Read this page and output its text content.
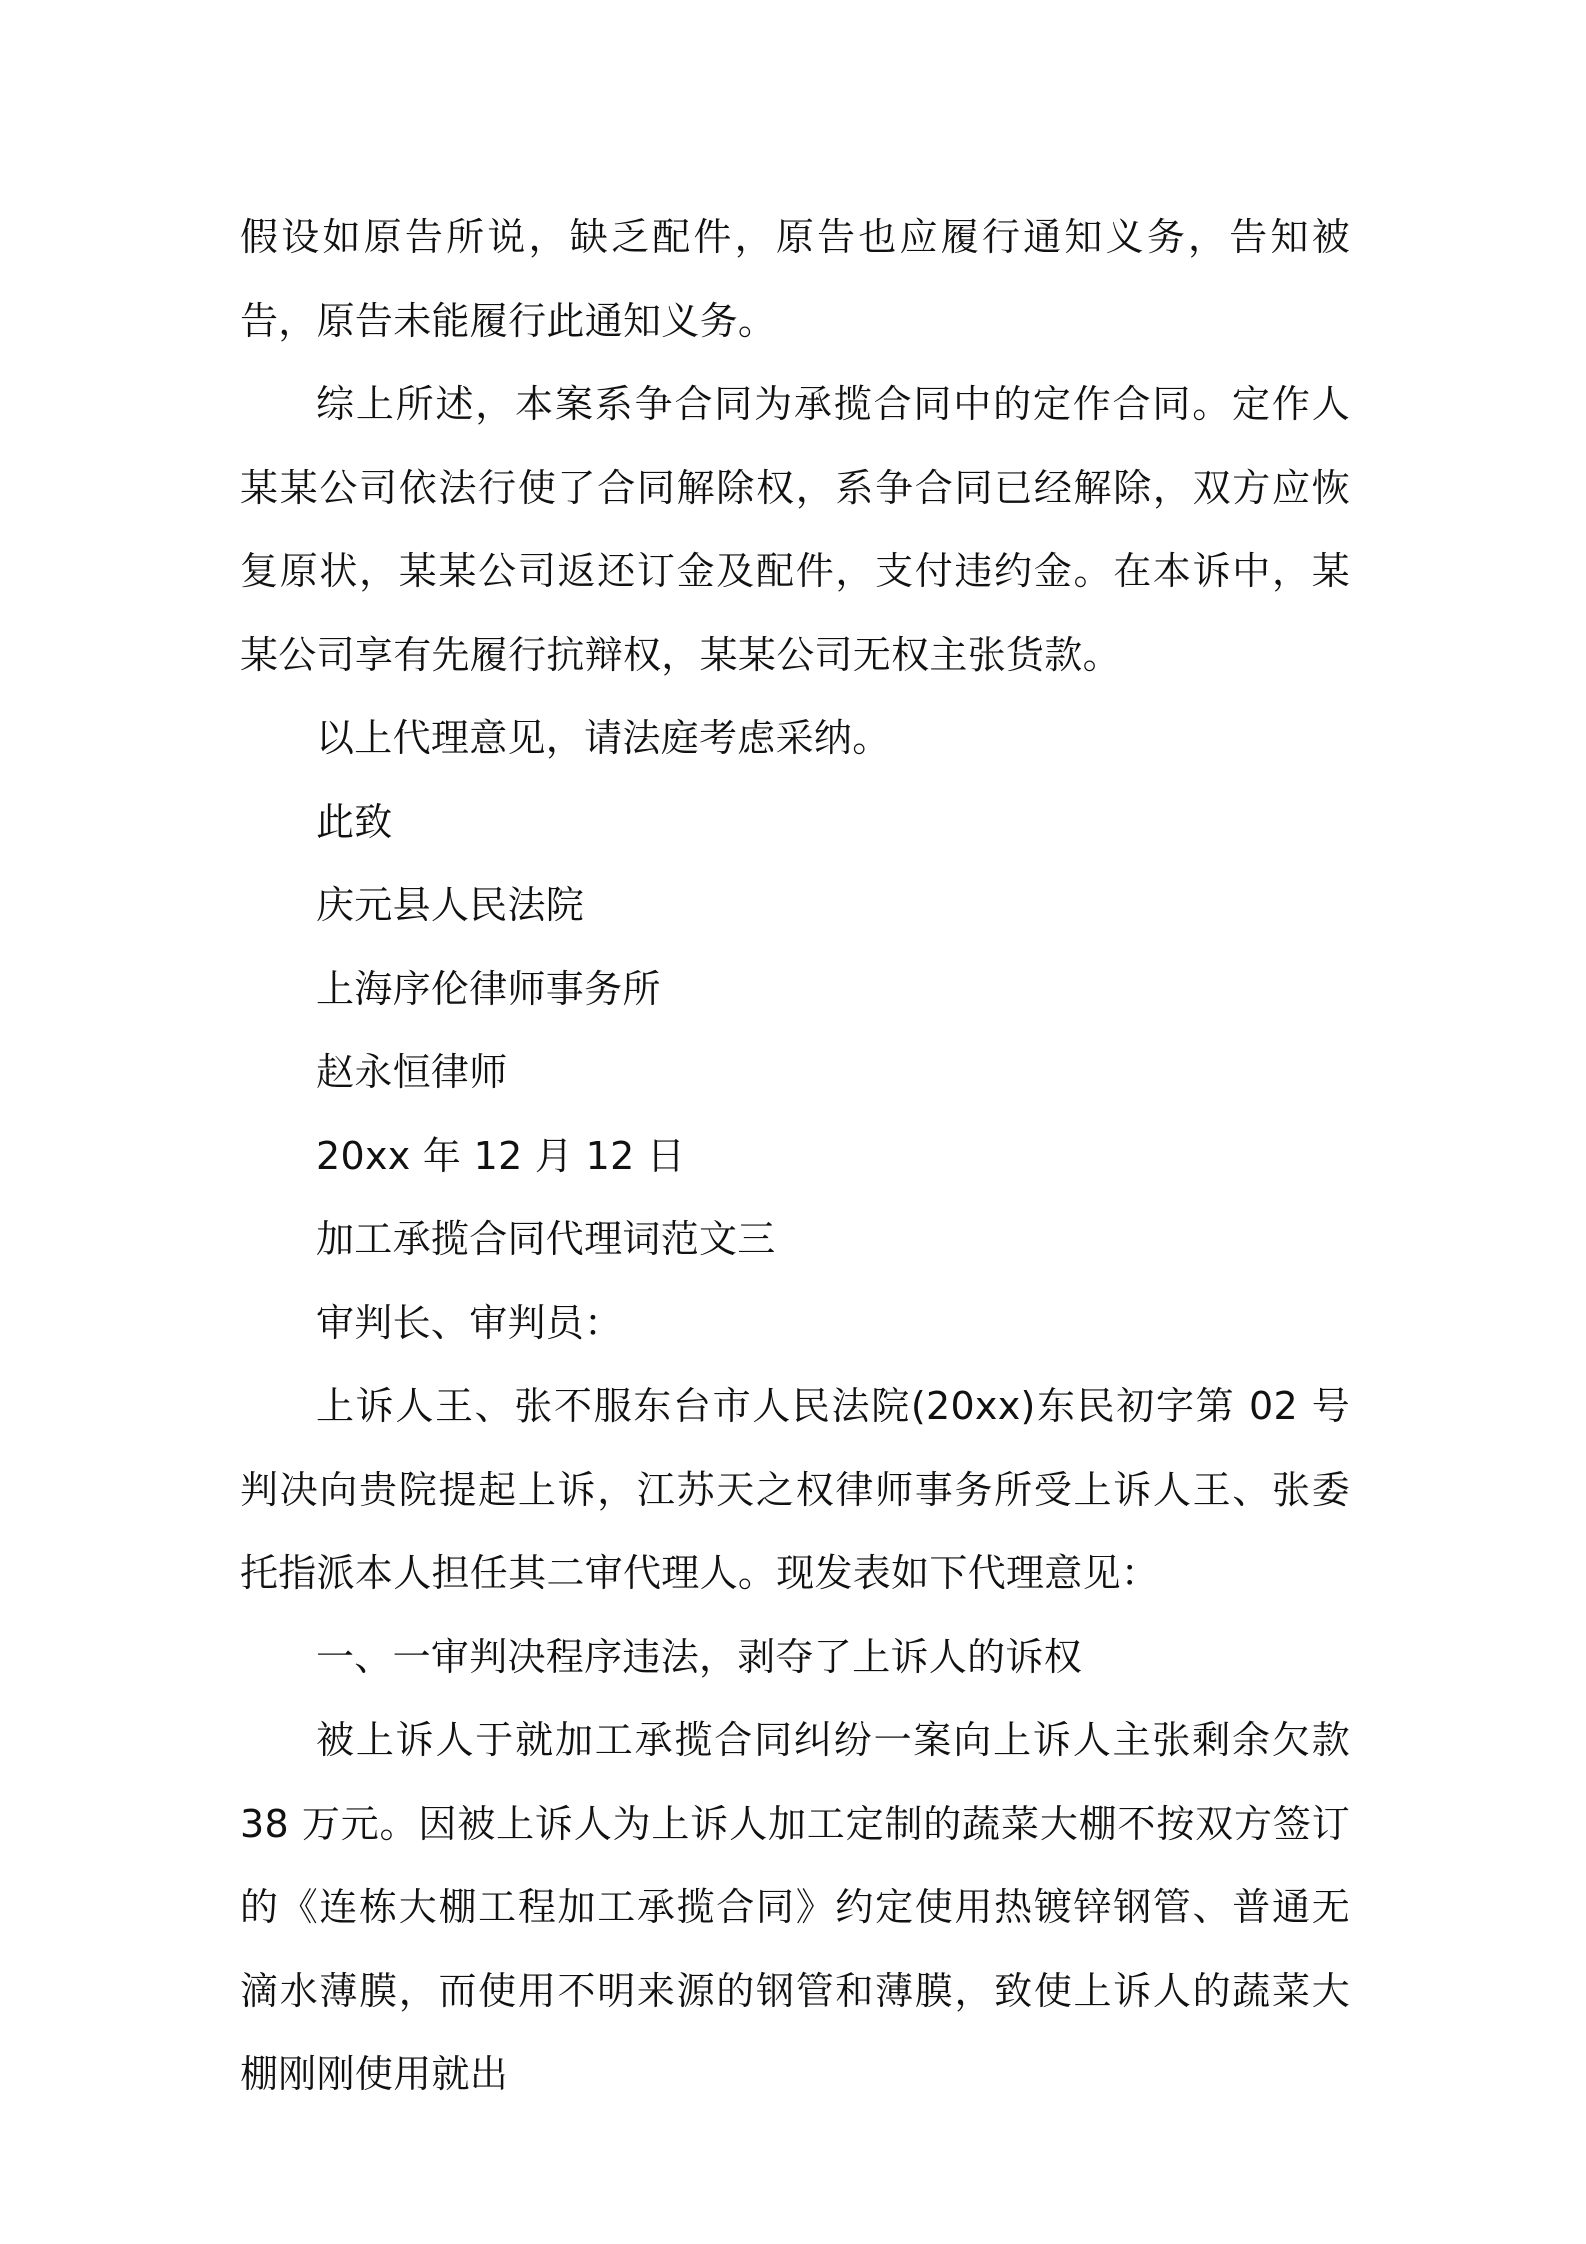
假设如原告所说，缺乏配件，原告也应履行通知义务，告知被告，原告未能履行此通知义务。

综上所述，本案系争合同为承揽合同中的定作合同。定作人某某公司依法行使了合同解除权，系争合同已经解除，双方应恢复原状，某某公司返还订金及配件，支付违约金。在本诉中，某某公司享有先履行抗辩权，某某公司无权主张货款。

以上代理意见，请法庭考虑采纳。

此致

庆元县人民法院

上海序伦律师事务所

赵永恒律师

20xx 年 12 月 12 日

加工承揽合同代理词范文三

审判长、审判员：

上诉人王、张不服东台市人民法院(20xx)东民初字第 02 号判决向贵院提起上诉，江苏天之权律师事务所受上诉人王、张委托指派本人担任其二审代理人。现发表如下代理意见：

一、一审判决程序违法，剥夺了上诉人的诉权

被上诉人于就加工承揽合同纠纷一案向上诉人主张剩余欠款 38 万元。因被上诉人为上诉人加工定制的蔬菜大棚不按双方签订的《连栋大棚工程加工承揽合同》约定使用热镀锌钢管、普通无滴水薄膜，而使用不明来源的钢管和薄膜，致使上诉人的蔬菜大棚刚刚使用就出
